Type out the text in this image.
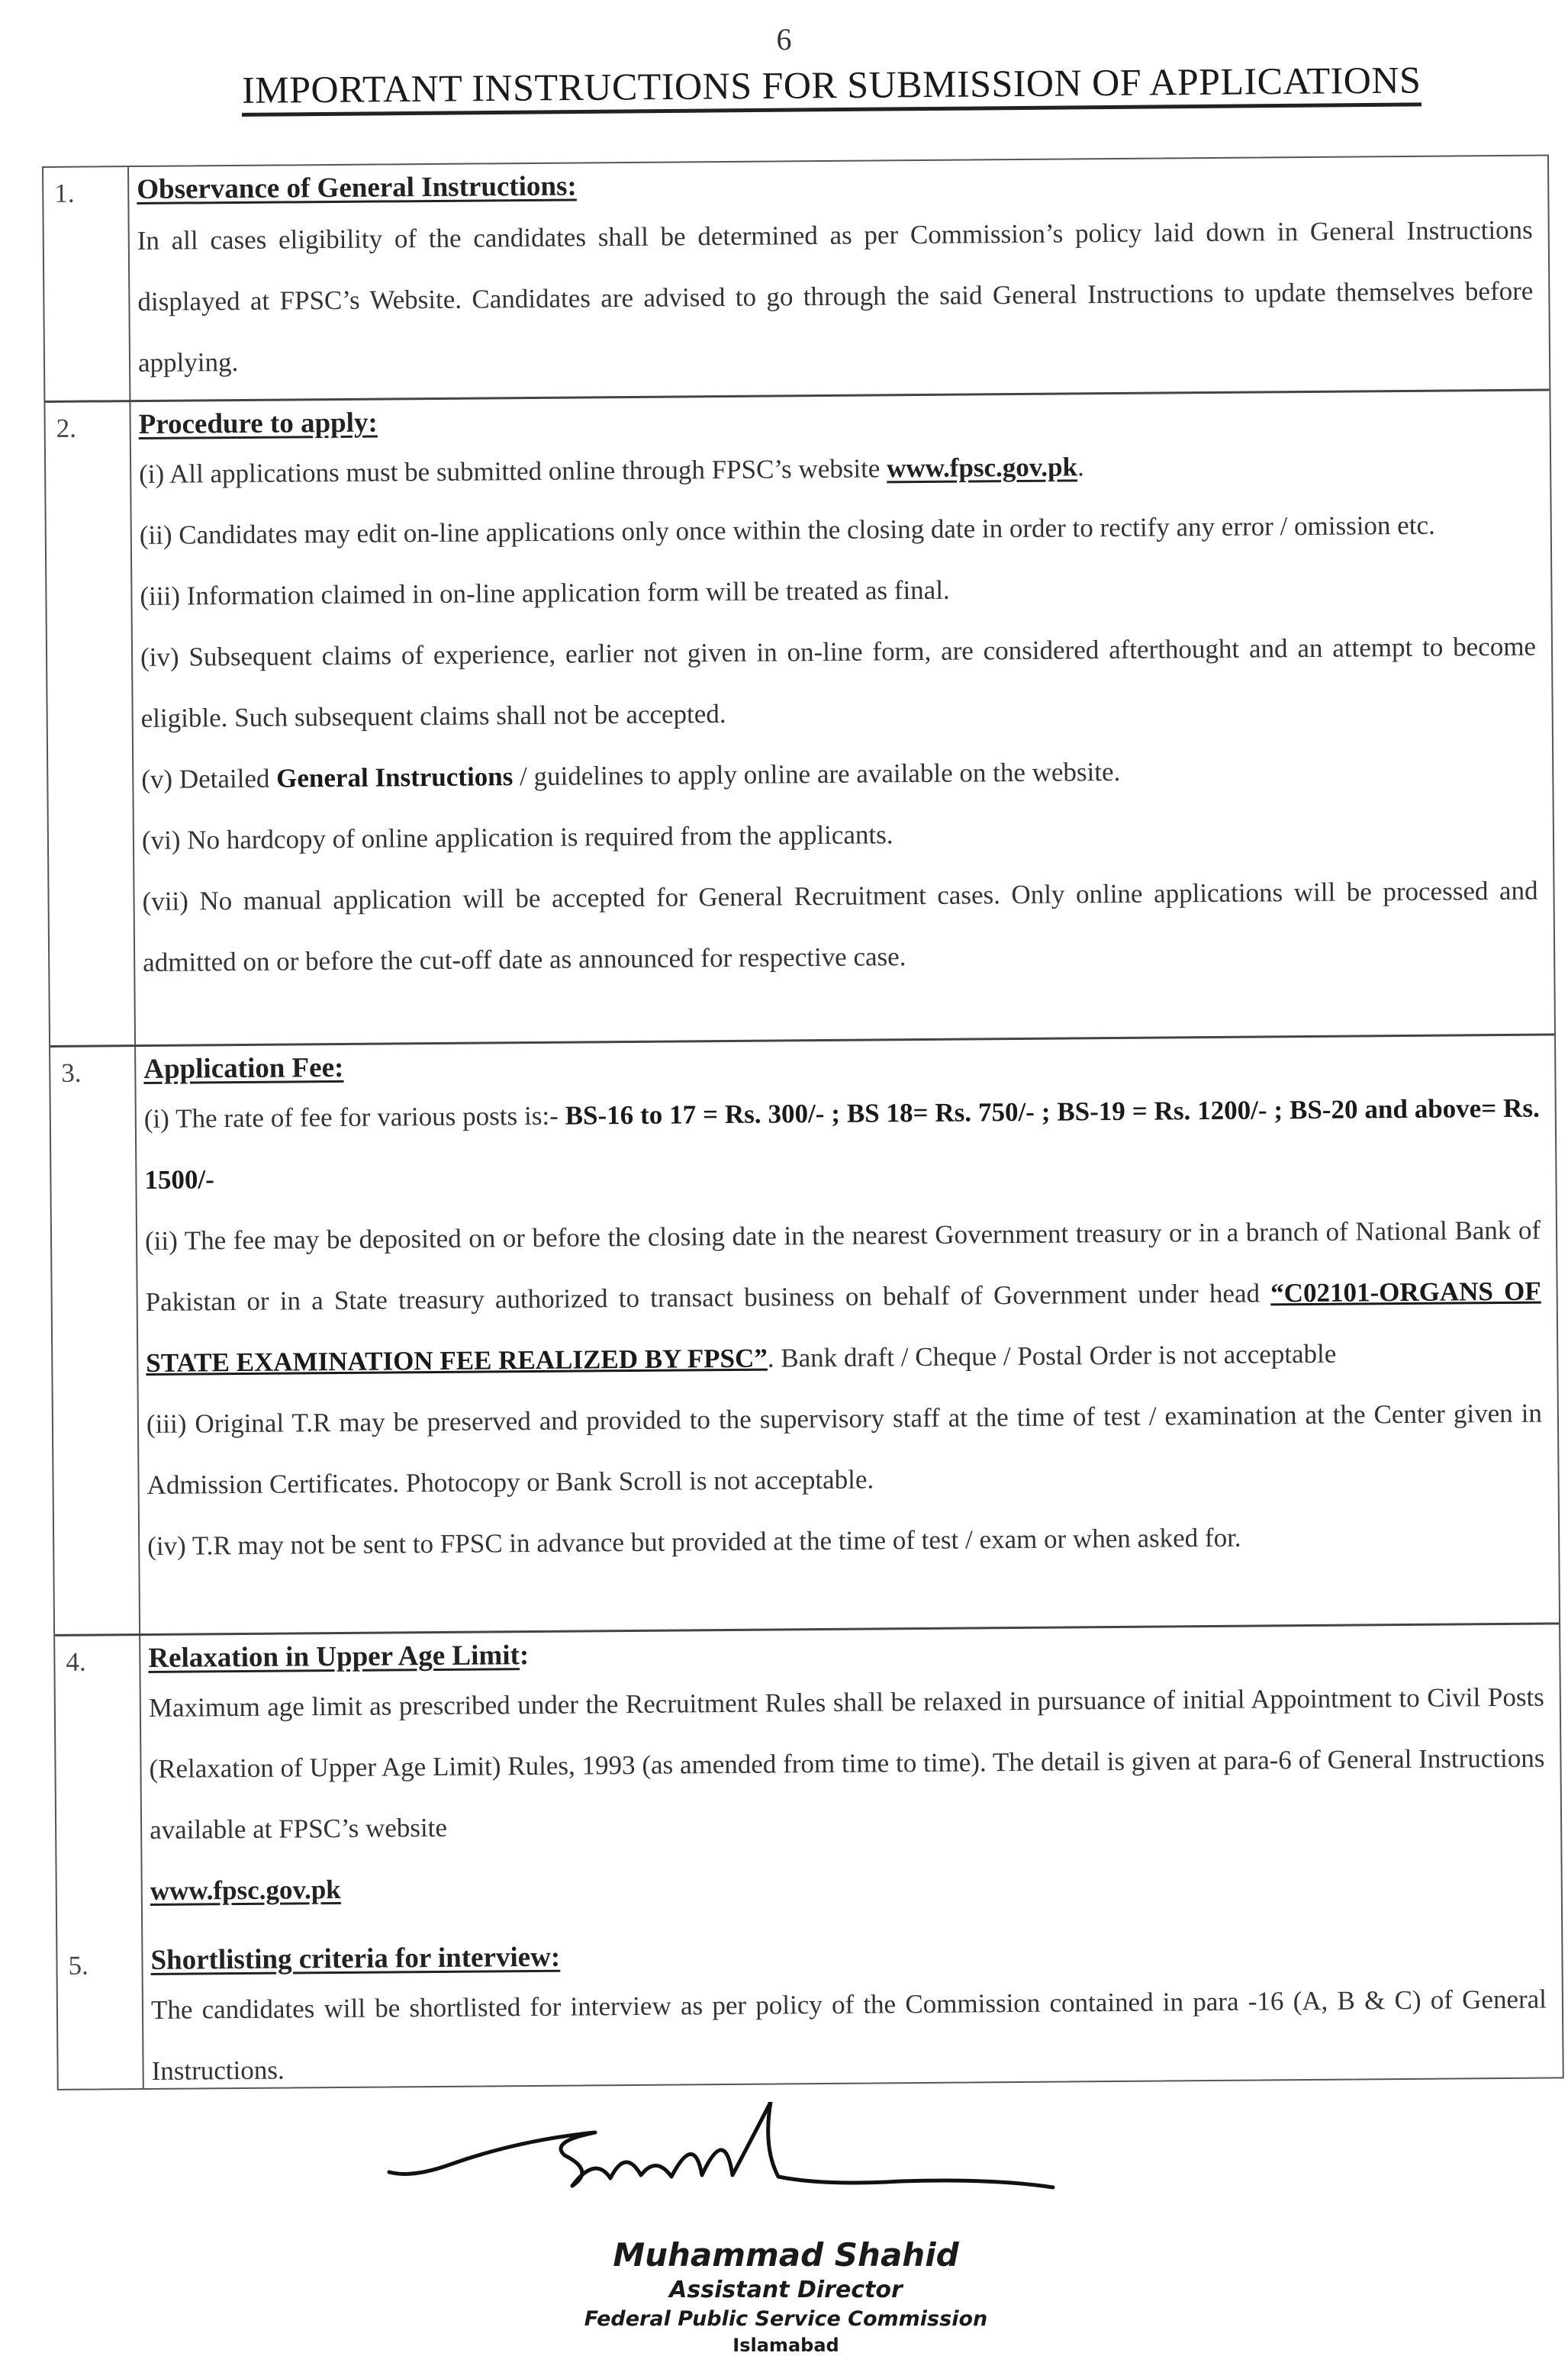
6
IMPORTANT INSTRUCTIONS FOR SUBMISSION OF APPLICATIONS
1. Observance of General Instructions:

In all cases eligibility of the candidates shall be determined as per Commission’s policy laid down in General Instructions displayed at FPSC’s Website. Candidates are advised to go through the said General Instructions to update themselves before applying.

2. Procedure to apply:

(i) All applications must be submitted online through FPSC’s website www.fpsc.gov.pk.

(ii) Candidates may edit on-line applications only once within the closing date in order to rectify any error / omission etc.

(iii) Information claimed in on-line application form will be treated as final.

(iv) Subsequent claims of experience, earlier not given in on-line form, are considered afterthought and an attempt to become eligible. Such subsequent claims shall not be accepted.

(v) Detailed General Instructions / guidelines to apply online are available on the website.

(vi) No hardcopy of online application is required from the applicants.

(vii) No manual application will be accepted for General Recruitment cases. Only online applications will be processed and admitted on or before the cut-off date as announced for respective case.

3. Application Fee:

(i) The rate of fee for various posts is:- BS-16 to 17 = Rs. 300/- ; BS 18= Rs. 750/- ; BS-19 = Rs. 1200/- ; BS-20 and above= Rs. 1500/-

(ii) The fee may be deposited on or before the closing date in the nearest Government treasury or in a branch of National Bank of Pakistan or in a State treasury authorized to transact business on behalf of Government under head “C02101-ORGANS OF STATE EXAMINATION FEE REALIZED BY FPSC”. Bank draft / Cheque / Postal Order is not acceptable

(iii) Original T.R may be preserved and provided to the supervisory staff at the time of test / examination at the Center given in Admission Certificates. Photocopy or Bank Scroll is not acceptable.

(iv) T.R may not be sent to FPSC in advance but provided at the time of test / exam or when asked for.

4. Relaxation in Upper Age Limit:

Maximum age limit as prescribed under the Recruitment Rules shall be relaxed in pursuance of initial Appointment to Civil Posts (Relaxation of Upper Age Limit) Rules, 1993 (as amended from time to time). The detail is given at para-6 of General Instructions available at FPSC’s website

www.fpsc.gov.pk

5. Shortlisting criteria for interview:

The candidates will be shortlisted for interview as per policy of the Commission contained in para -16 (A, B & C) of General Instructions.

Muhammad Shahid

Assistant Director

Federal Public Service Commission

Islamabad
